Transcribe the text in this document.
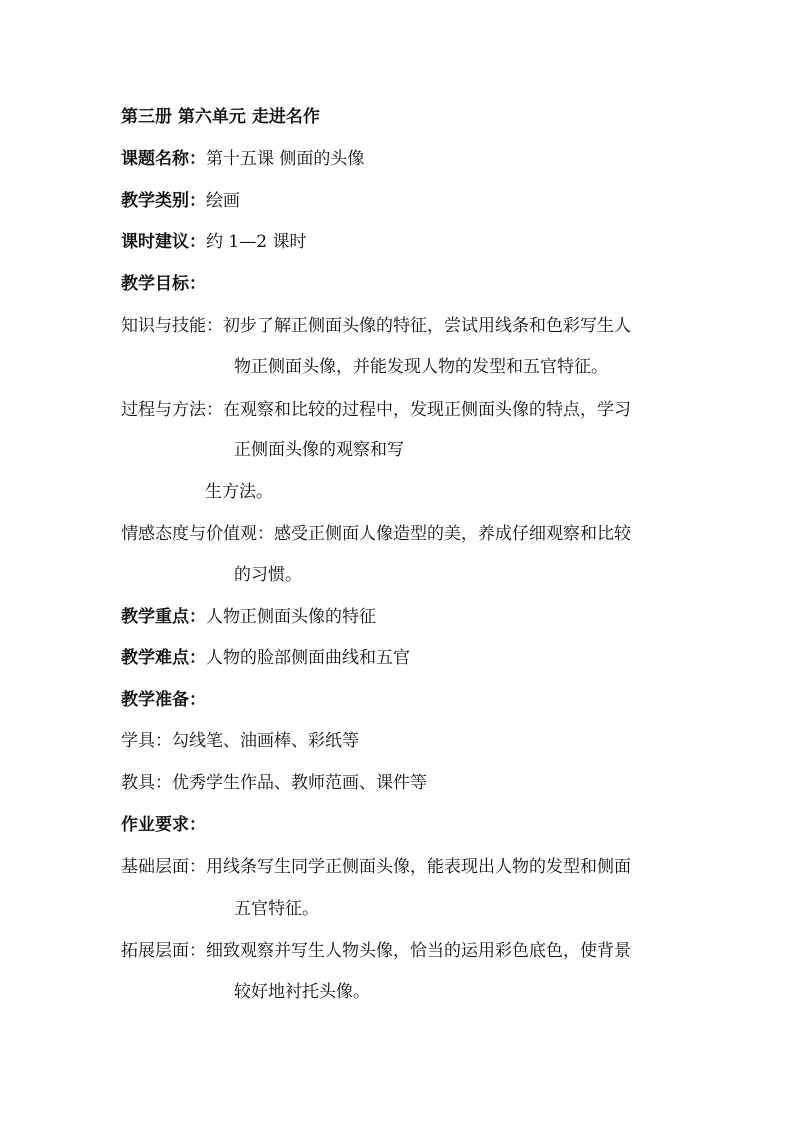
第三册 第六单元 走进名作
课题名称：第十五课 侧面的头像
教学类别：绘画
课时建议：约 1—2 课时
教学目标：
知识与技能：初步了解正侧面头像的特征，尝试用线条和色彩写生人
物正侧面头像，并能发现人物的发型和五官特征。
过程与方法：在观察和比较的过程中，发现正侧面头像的特点，学习
正侧面头像的观察和写
生方法。
情感态度与价值观：感受正侧面人像造型的美，养成仔细观察和比较
的习惯。
教学重点：人物正侧面头像的特征
教学难点：人物的脸部侧面曲线和五官
教学准备：
学具：勾线笔、油画棒、彩纸等
教具：优秀学生作品、教师范画、课件等
作业要求：
基础层面：用线条写生同学正侧面头像，能表现出人物的发型和侧面
五官特征。
拓展层面：细致观察并写生人物头像，恰当的运用彩色底色，使背景
较好地衬托头像。
